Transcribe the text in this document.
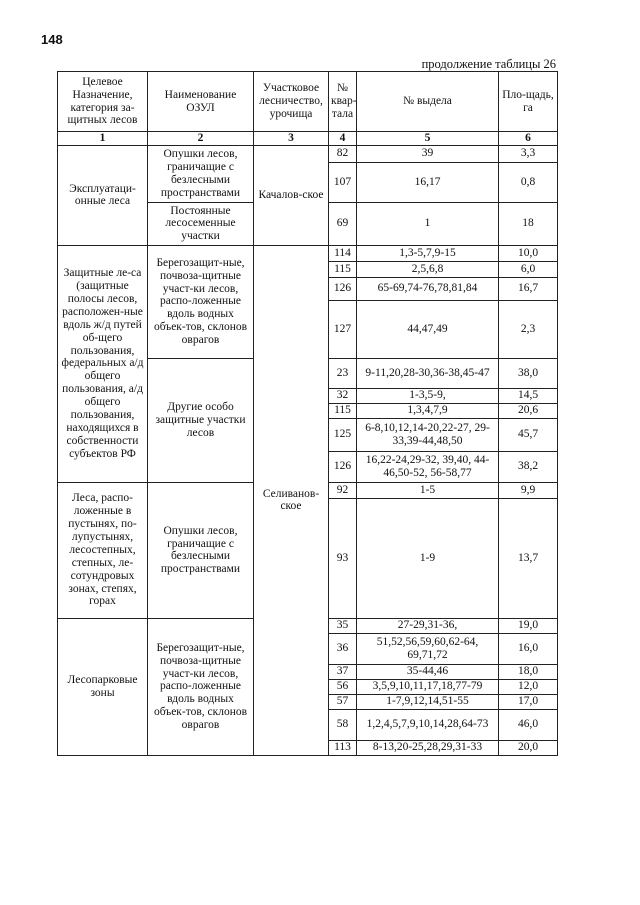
148
продолжение таблицы 26
Целевое Назначение, категория за-щитных лесов	Наименование ОЗУЛ	Участковое лесничество, урочища	№ квар-тала	№ выдела	Пло-щадь, га
1	2	3	4	5	6
Эксплуатаци-онные леса	Опушки лесов, граничащие с безлесными пространствами	Качалов-ское	82	39	3,3
			107	16,17	0,8
	Постоянные лесосеменные участки		69	1	18
Защитные ле-са (защитные полосы лесов, расположен-ные вдоль ж/д путей об-щего пользования, федеральных а/д общего пользования, а/д общего пользования, находящихся в собственности субъектов РФ	Берегозащит-ные, почвоза-щитные участ-ки лесов, распо-ложенные вдоль водных объек-тов, склонов оврагов	Селиванов-ское	114	1,3-5,7,9-15	10,0
			115	2,5,6,8	6,0
			126	65-69,74-76,78,81,84	16,7
			127	44,47,49	2,3
	Другие особо защитные участки лесов		23	9-11,20,28-30,36-38,45-47	38,0
			32	1-3,5-9,	14,5
			115	1,3,4,7,9	20,6
			125	6-8,10,12,14-20,22-27, 29-33,39-44,48,50	45,7
			126	16,22-24,29-32, 39,40, 44-46,50-52, 56-58,77	38,2
Леса, распо-ложенные в пустынях, по-лупустынях, лесостепных, степных, ле-сотундровых зонах, степях, горах	Опушки лесов, граничащие с безлесными пространствами		92	1-5	9,9
			93	1-9	13,7
Лесопарковые зоны	Берегозащит-ные, почвоза-щитные участ-ки лесов, распо-ложенные вдоль водных объек-тов, склонов оврагов		35	27-29,31-36,	19,0
			36	51,52,56,59,60,62-64, 69,71,72	16,0
			37	35-44,46	18,0
			56	3,5,9,10,11,17,18,77-79	12,0
			57	1-7,9,12,14,51-55	17,0
			58	1,2,4,5,7,9,10,14,28,64-73	46,0
			113	8-13,20-25,28,29,31-33	20,0
